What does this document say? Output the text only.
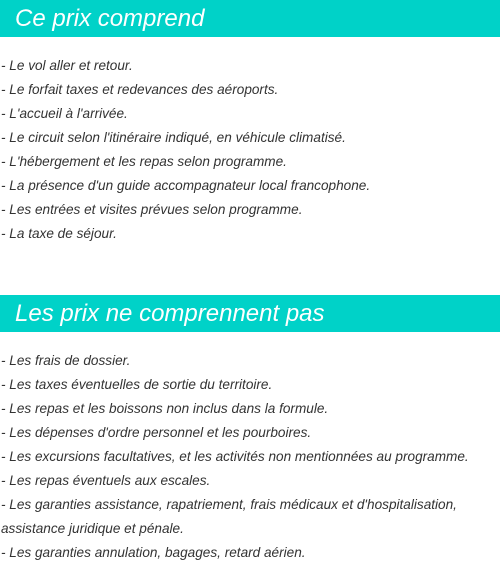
Ce prix comprend
- Le vol aller et retour.
- Le forfait taxes et redevances des aéroports.
- L'accueil à l'arrivée.
- Le circuit selon l'itinéraire indiqué, en véhicule climatisé.
- L'hébergement et les repas selon programme.
- La présence d'un guide accompagnateur local francophone.
- Les entrées et visites prévues selon programme.
- La taxe de séjour.
Les prix ne comprennent pas
- Les frais de dossier.
- Les taxes éventuelles de sortie du territoire.
- Les repas et les boissons non inclus dans la formule.
- Les dépenses d'ordre personnel et les pourboires.
- Les excursions facultatives, et les activités non mentionnées au programme.
- Les repas éventuels aux escales.
- Les garanties assistance, rapatriement, frais médicaux et d'hospitalisation, assistance juridique et pénale.
- Les garanties annulation, bagages, retard aérien.
